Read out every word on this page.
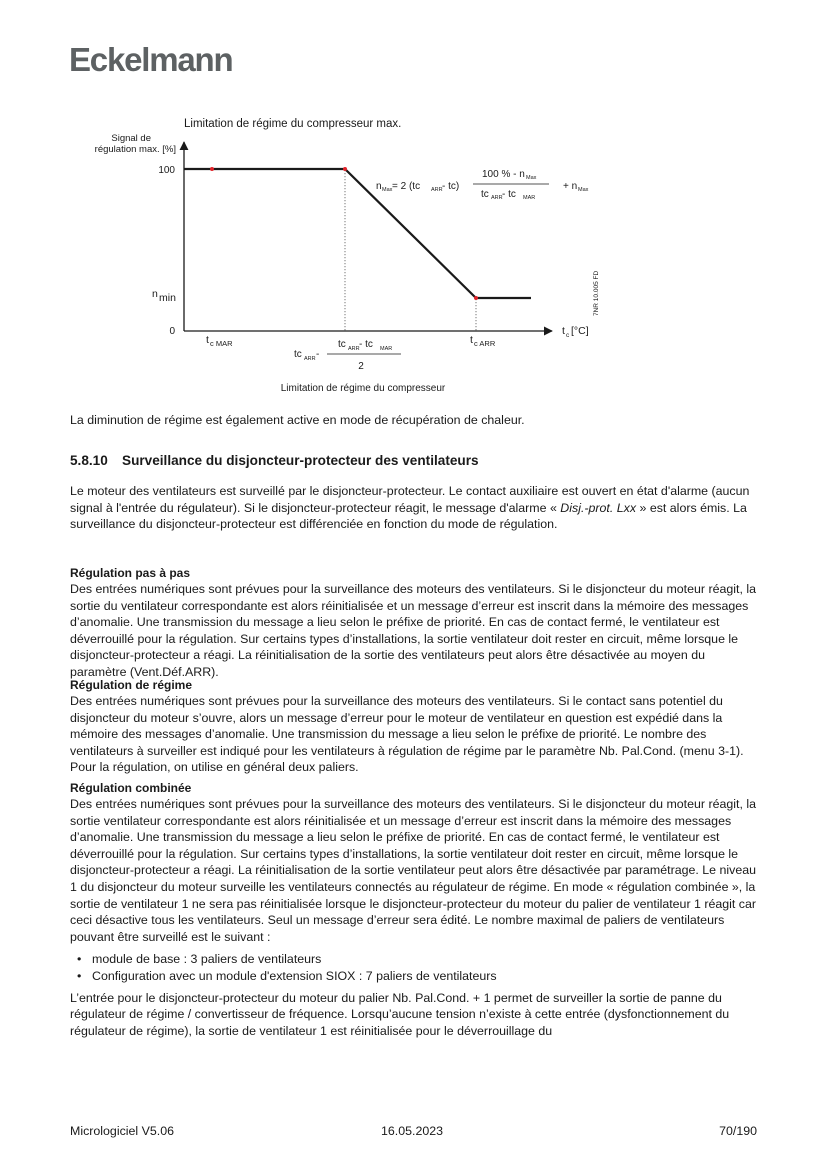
Eckelmann
Limitation de régime du compresseur max.
Signal de
régulation max. [%]
100
n min
0
t c MAR	t c ARR
t c [°C]
tc ARR -
tc ARR - tc MAR
2
n Max = 2 (tc ARR - tc)
100 % - n Max
tc ARR - tc MAR
+ n Max
7NR 10.005 FD
Limitation de régime du compresseur

La diminution de régime est également active en mode de récupération de chaleur.

5.8.10 Surveillance du disjoncteur-protecteur des ventilateurs

Le moteur des ventilateurs est surveillé par le disjoncteur-protecteur. Le contact auxiliaire est ouvert en état d'alarme (aucun signal à l'entrée du régulateur). Si le disjoncteur-protecteur réagit, le message d'alarme « Disj.-prot. Lxx » est alors émis. La surveillance du disjoncteur-protecteur est différenciée en fonction du mode de régulation.

Régulation pas à pas

Des entrées numériques sont prévues pour la surveillance des moteurs des ventilateurs. Si le disjoncteur du moteur réagit, la sortie du ventilateur correspondante est alors réinitialisée et un message d’erreur est inscrit dans la mémoire des messages d’anomalie. Une transmission du message a lieu selon le préfixe de priorité. En cas de contact fermé, le ventilateur est déverrouillé pour la régulation. Sur certains types d’installations, la sortie ventilateur doit rester en circuit, même lorsque le disjoncteur-protecteur a réagi. La réinitialisation de la sortie des ventilateurs peut alors être désactivée au moyen du paramètre (Vent.Déf.ARR).

Régulation de régime

Des entrées numériques sont prévues pour la surveillance des moteurs des ventilateurs. Si le contact sans potentiel du disjoncteur du moteur s’ouvre, alors un message d’erreur pour le moteur de ventilateur en question est expédié dans la mémoire des messages d’anomalie. Une transmission du message a lieu selon le préfixe de priorité. Le nombre des ventilateurs à surveiller est indiqué pour les ventilateurs à régulation de régime par le paramètre Nb. Pal.Cond. (menu 3-1). Pour la régulation, on utilise en général deux paliers.

Régulation combinée

Des entrées numériques sont prévues pour la surveillance des moteurs des ventilateurs. Si le disjoncteur du moteur réagit, la sortie ventilateur correspondante est alors réinitialisée et un message d’erreur est inscrit dans la mémoire des messages d’anomalie. Une transmission du message a lieu selon le préfixe de priorité. En cas de contact fermé, le ventilateur est déverrouillé pour la régulation. Sur certains types d’installations, la sortie ventilateur doit rester en circuit, même lorsque le disjoncteur-protecteur a réagi. La réinitialisation de la sortie ventilateur peut alors être désactivée par paramétrage. Le niveau 1 du disjoncteur du moteur surveille les ventilateurs connectés au régulateur de régime. En mode « régulation combinée », la sortie de ventilateur 1 ne sera pas réinitialisée lorsque le disjoncteur-protecteur du moteur du palier de ventilateur 1 réagit car ceci désactive tous les ventilateurs. Seul un message d’erreur sera édité. Le nombre maximal de paliers de ventilateurs pouvant être surveillé est le suivant :

• module de base : 3 paliers de ventilateurs
• Configuration avec un module d'extension SIOX : 7 paliers de ventilateurs

L’entrée pour le disjoncteur-protecteur du moteur du palier Nb. Pal.Cond. + 1 permet de surveiller la sortie de panne du régulateur de régime / convertisseur de fréquence. Lorsqu’aucune tension n’existe à cette entrée (dysfonctionnement du régulateur de régime), la sortie de ventilateur 1 est réinitialisée pour le déverrouillage du

Micrologiciel V5.06	16.05.2023	70/190
